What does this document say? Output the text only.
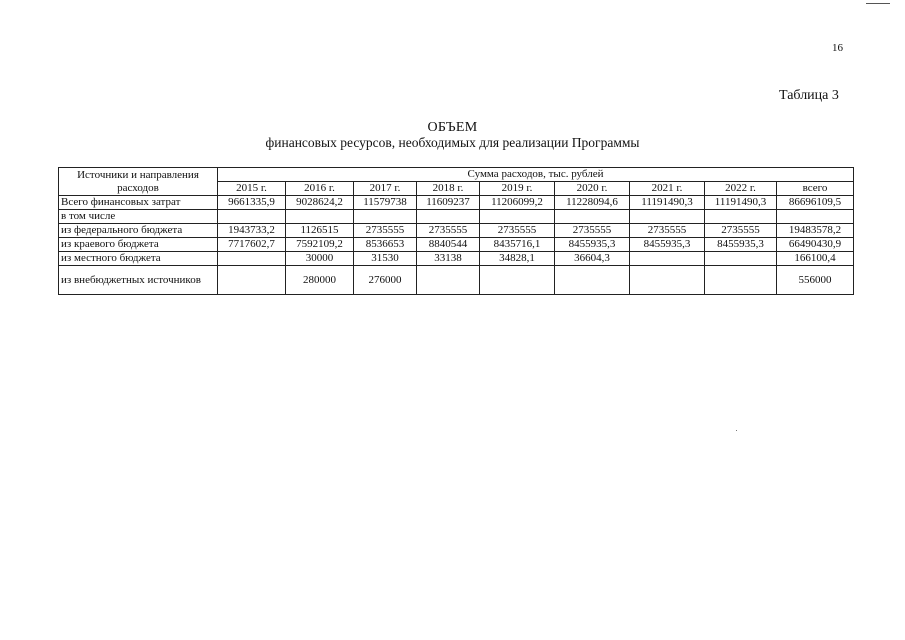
16
Таблица 3
ОБЪЕМ
финансовых ресурсов, необходимых для реализации Программы
Источники и направления расходов	Сумма расходов, тыс. рублей								
	2015 г.	2016 г.	2017 г.	2018 г.	2019 г.	2020 г.	2021 г.	2022 г.	всего
Всего финансовых затрат	9661335,9	9028624,2	11579738	11609237	11206099,2	11228094,6	11191490,3	11191490,3	86696109,5
в том числе									
из федерального бюджета	1943733,2	1126515	2735555	2735555	2735555	2735555	2735555	2735555	19483578,2
из краевого бюджета	7717602,7	7592109,2	8536653	8840544	8435716,1	8455935,3	8455935,3	8455935,3	66490430,9
из местного бюджета		30000	31530	33138	34828,1	36604,3			166100,4
из внебюджетных источников		280000	276000						556000
